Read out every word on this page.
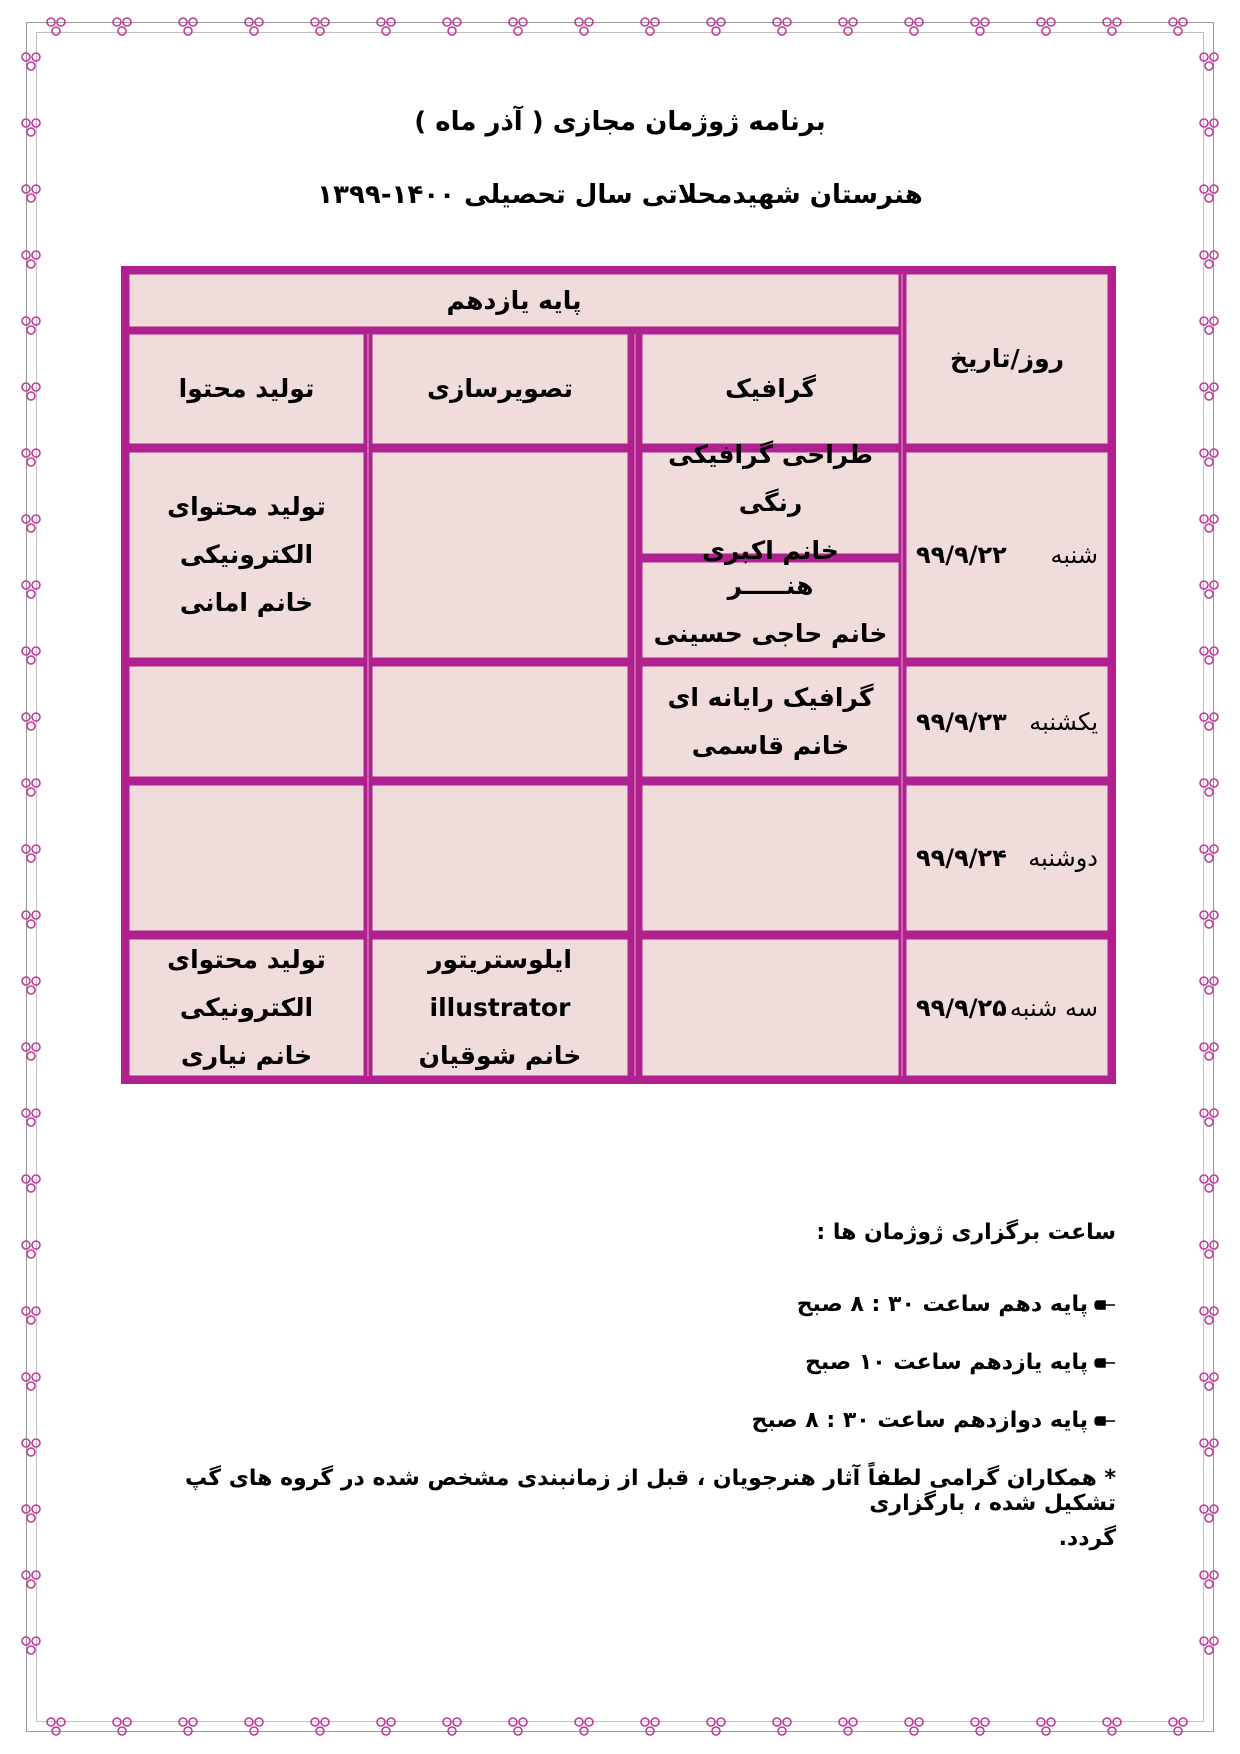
برنامه ژوژمان مجازی ( آذر ماه )
هنرستان شهیدمحلاتی سال تحصیلی ۱۴۰۰-۱۳۹۹
روز/تاریخ
پایه یازدهم
گرافیک
تصویرسازی
تولید محتوا
شنبه
۹۹/۹/۲۲
طراحی گرافیکی رنگی
خانم اکبری
هنـــــر
خانم حاجی حسینی
تولید محتوای الکترونیکی
خانم امانی
یکشنبه
۹۹/۹/۲۳
گرافیک رایانه ای
خانم قاسمی
دوشنبه
۹۹/۹/۲۴
سه شنبه
۹۹/۹/۲۵
ایلوستریتور illustrator
خانم شوقیان
تولید محتوای الکترونیکی
خانم نیاری
ساعت برگزاری ژوژمان ها :
پایه دهم ساعت ۳۰ : ۸ صبح
پایه یازدهم ساعت ۱۰ صبح
پایه دوازدهم ساعت ۳۰ : ۸ صبح
* همکاران گرامی لطفاً آثار هنرجویان ، قبل از زمانبندی مشخص شده در گروه های گپ تشکیل شده ، بارگزاری
گردد.
